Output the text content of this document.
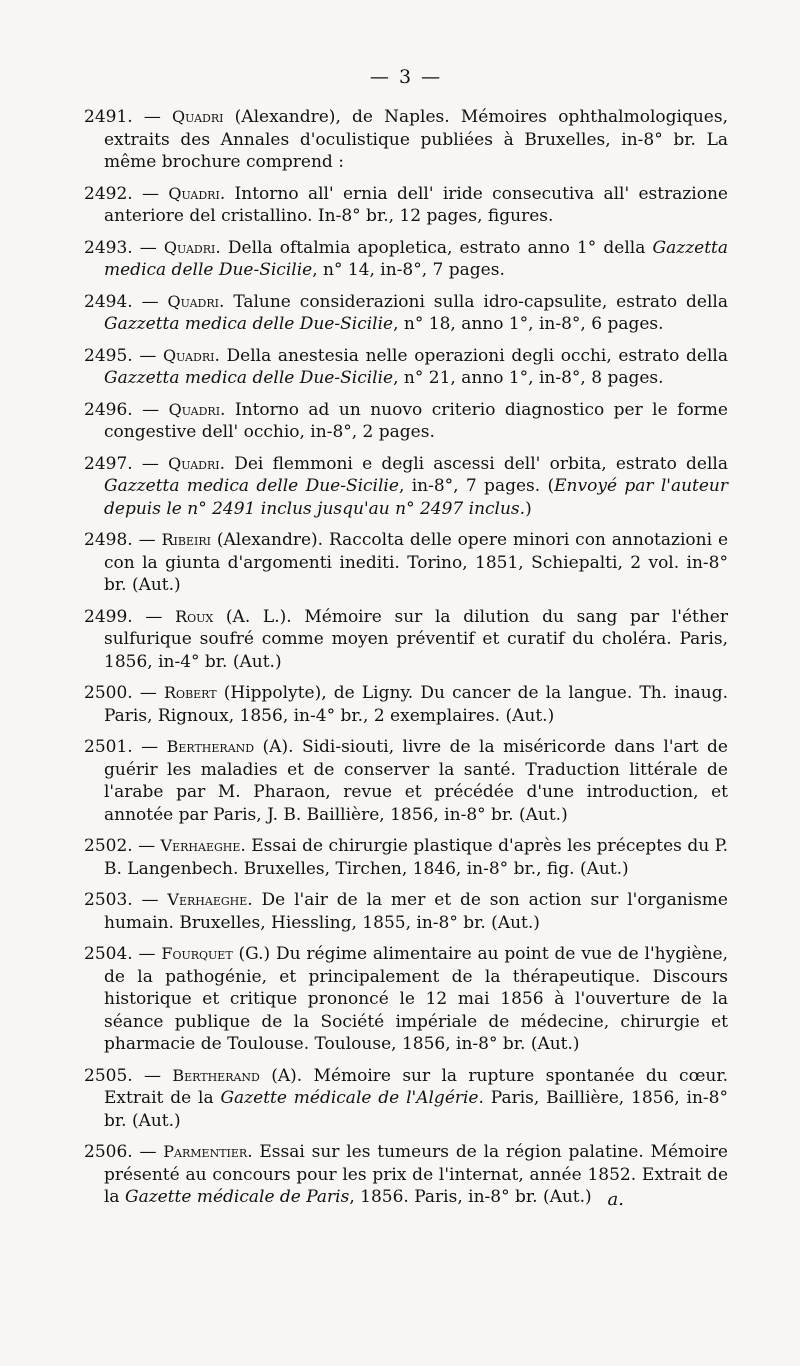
— 3 —

2491. — Quadri (Alexandre), de Naples. Mémoires ophthalmologiques, extraits des Annales d'oculistique publiées à Bruxelles, in-8° br. La même brochure comprend :

2492. — Quadri. Intorno all' ernia dell' iride consecutiva all' estrazione anteriore del cristallino. In-8° br., 12 pages, figures.

2493. — Quadri. Della oftalmia apopletica, estrato anno 1° della Gazzetta medica delle Due-Sicilie, n° 14, in-8°, 7 pages.

2494. — Quadri. Talune considerazioni sulla idro-capsulite, estrato della Gazzetta medica delle Due-Sicilie, n° 18, anno 1°, in-8°, 6 pages.

2495. — Quadri. Della anestesia nelle operazioni degli occhi, estrato della Gazzetta medica delle Due-Sicilie, n° 21, anno 1°, in-8°, 8 pages.

2496. — Quadri. Intorno ad un nuovo criterio diagnostico per le forme congestive dell' occhio, in-8°, 2 pages.

2497. — Quadri. Dei flemmoni e degli ascessi dell' orbita, estrato della Gazzetta medica delle Due-Sicilie, in-8°, 7 pages. (Envoyé par l'auteur depuis le n° 2491 inclus jusqu'au n° 2497 inclus.)

2498. — Ribeiri (Alexandre). Raccolta delle opere minori con annotazioni e con la giunta d'argomenti inediti. Torino, 1851, Schiepalti, 2 vol. in-8° br. (Aut.)

2499. — Roux (A. L.). Mémoire sur la dilution du sang par l'éther sulfurique soufré comme moyen préventif et curatif du choléra. Paris, 1856, in-4° br. (Aut.)

2500. — Robert (Hippolyte), de Ligny. Du cancer de la langue. Th. inaug. Paris, Rignoux, 1856, in-4° br., 2 exemplaires. (Aut.)

2501. — Bertherand (A). Sidi-siouti, livre de la miséricorde dans l'art de guérir les maladies et de conserver la santé. Traduction littérale de l'arabe par M. Pharaon, revue et précédée d'une introduction, et annotée par Paris, J. B. Baillière, 1856, in-8° br. (Aut.)

2502. — Verhaeghe. Essai de chirurgie plastique d'après les préceptes du P. B. Langenbech. Bruxelles, Tirchen, 1846, in-8° br., fig. (Aut.)

2503. — Verhaeghe. De l'air de la mer et de son action sur l'organisme humain. Bruxelles, Hiessling, 1855, in-8° br. (Aut.)

2504. — Fourquet (G.) Du régime alimentaire au point de vue de l'hygiène, de la pathogénie, et principalement de la thérapeutique. Discours historique et critique prononcé le 12 mai 1856 à l'ouverture de la séance publique de la Société impériale de médecine, chirurgie et pharmacie de Toulouse. Toulouse, 1856, in-8° br. (Aut.)

2505. — Bertherand (A). Mémoire sur la rupture spontanée du cœur. Extrait de la Gazette médicale de l'Algérie. Paris, Baillière, 1856, in-8° br. (Aut.)

2506. — Parmentier. Essai sur les tumeurs de la région palatine. Mémoire présenté au concours pour les prix de l'internat, année 1852. Extrait de la Gazette médicale de Paris, 1856. Paris, in-8° br. (Aut.) a.
